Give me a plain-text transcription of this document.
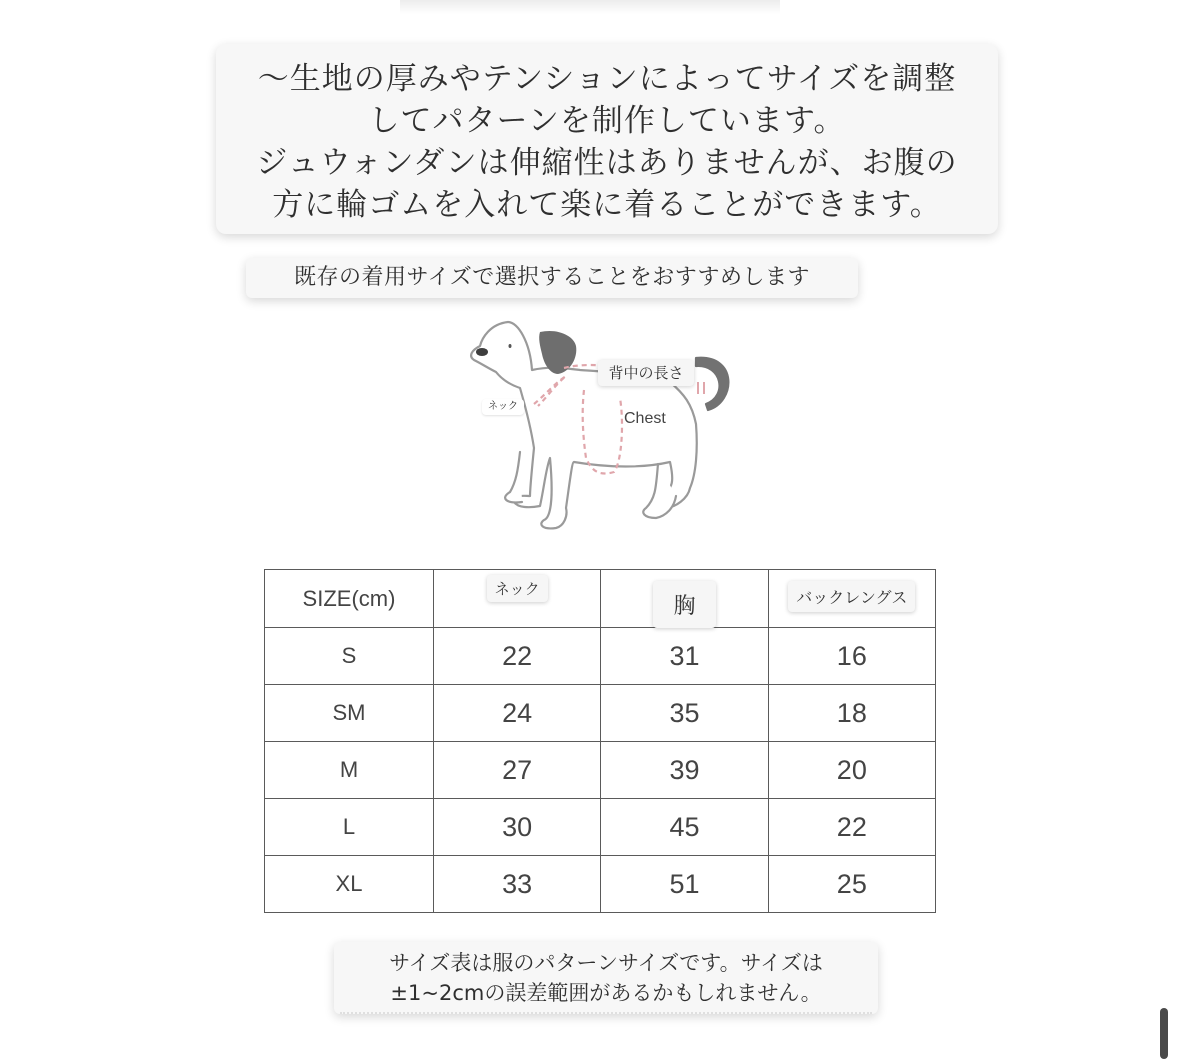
〜生地の厚みやテンションによってサイズを調整
してパターンを制作しています。
ジュウォンダンは伸縮性はありませんが、お腹の
方に輪ゴムを入れて楽に着ることができます。
既存の着用サイズで選択することをおすすめします
背中の長さ
ネック
Chest
SIZE(cm)	ネック	胸	バックレングス
S	22	31	16
SM	24	35	18
M	27	39	20
L	30	45	22
XL	33	51	25
サイズ表は服のパターンサイズです。サイズは
±1~2cmの誤差範囲があるかもしれません。
